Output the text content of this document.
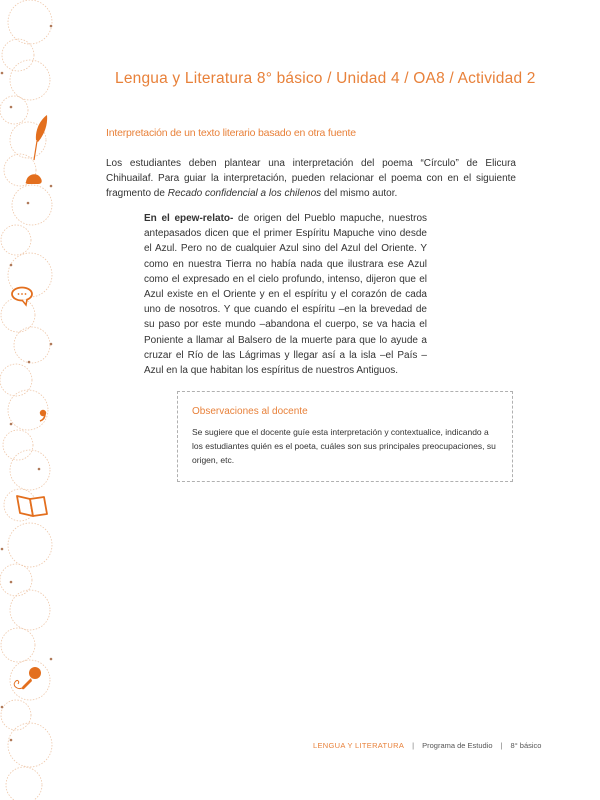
Lengua y Literatura 8° básico / Unidad 4 / OA8 / Actividad 2
Interpretación de un texto literario basado en otra fuente

Los estudiantes deben plantear una interpretación del poema “Círculo” de Elicura Chihuailaf. Para guiar la interpretación, pueden relacionar el poema con en el siguiente fragmento de Recado confidencial a los chilenos del mismo autor.

En el epew-relato- de origen del Pueblo mapuche, nuestros antepasados dicen que el primer Espíritu Mapuche vino desde el Azul. Pero no de cualquier Azul sino del Azul del Oriente. Y como en nuestra Tierra no había nada que ilustrara ese Azul como el expresado en el cielo profundo, intenso, dijeron que el Azul existe en el Oriente y en el espíritu y el corazón de cada uno de nosotros. Y que cuando el espíritu –en la brevedad de su paso por este mundo –abandona el cuerpo, se va hacia el Poniente a llamar al Balsero de la muerte para que lo ayude a cruzar el Río de las Lágrimas y llegar así a la isla –el País –Azul en la que habitan los espíritus de nuestros Antiguos.

Observaciones al docente
Se sugiere que el docente guíe esta interpretación y contextualice, indicando a los estudiantes quién es el poeta, cuáles son sus principales preocupaciones, su origen, etc.
LENGUA Y LITERATURA | Programa de Estudio | 8° básico
